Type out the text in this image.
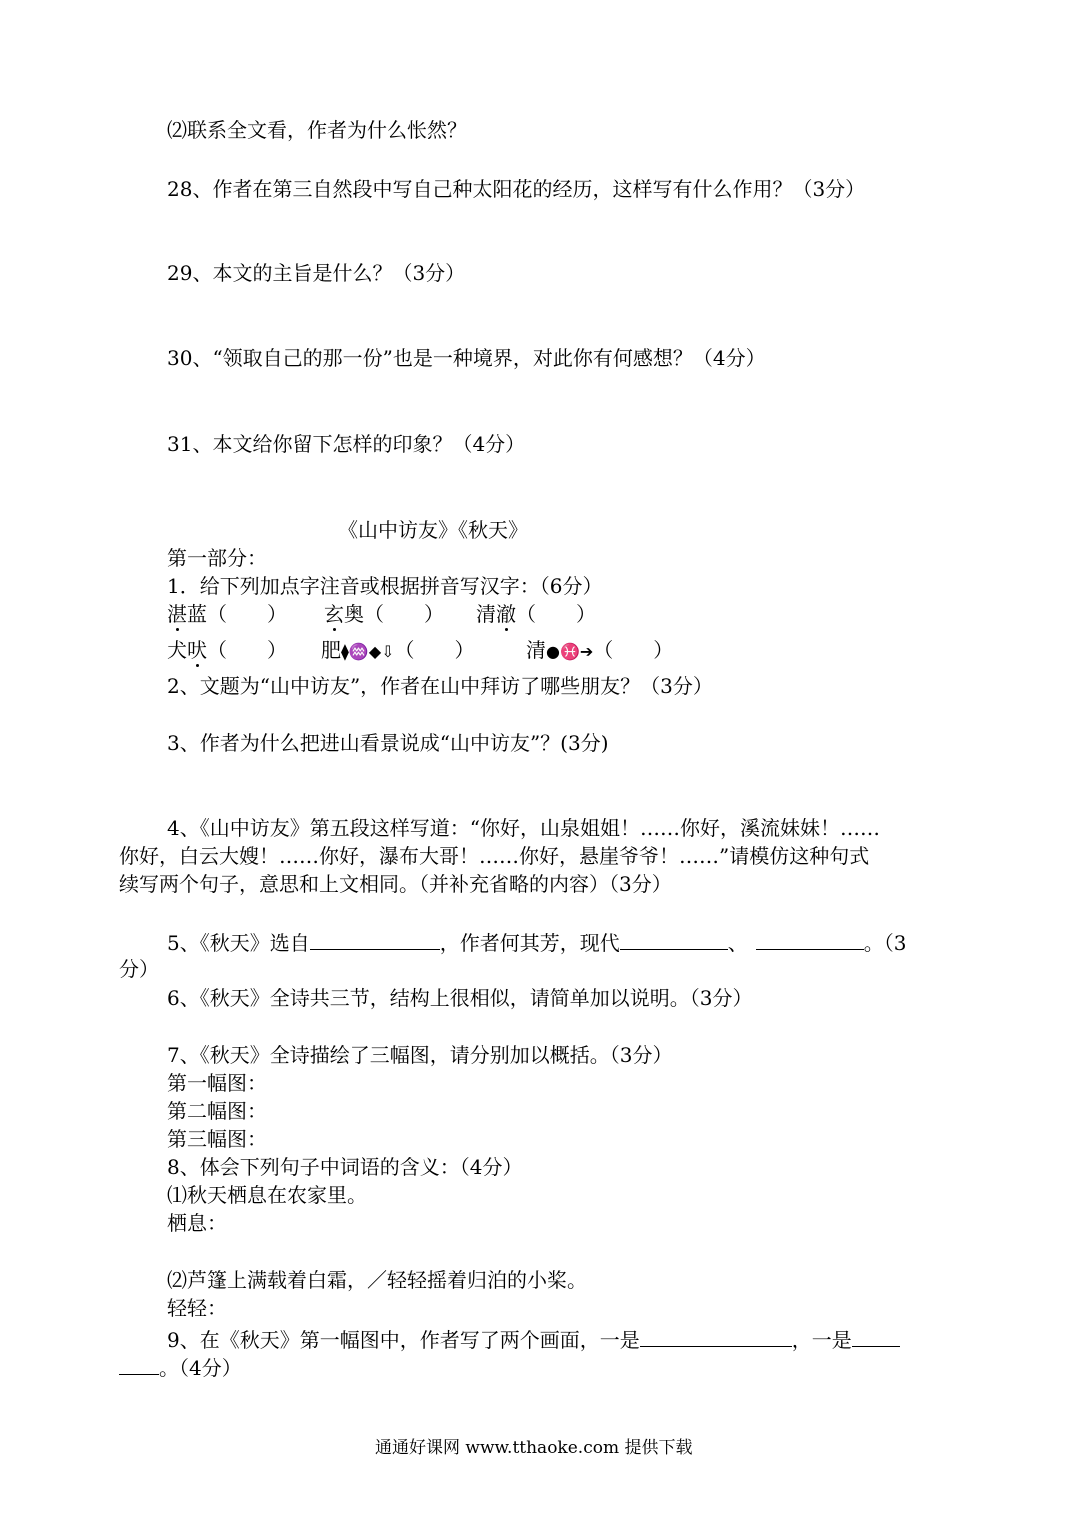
⑵联系全文看，作者为什么怅然？
28、作者在第三自然段中写自己种太阳花的经历，这样写有什么作用？（3分）
29、本文的主旨是什么？（3分）
30、“领取自己的那一份”也是一种境界，对此你有何感想？（4分）
31、本文给你留下怎样的印象？（4分）
《山中访友》《秋天》
第一部分：
1．给下列加点字注音或根据拼音写汉字：（6分）
湛蓝（　　） 玄奥（　　） 清澈（　　）
犬吠（　　） 肥⧫♒◆⇩（　　）	清●♓➔（　　）
2、文题为“山中访友”，作者在山中拜访了哪些朋友？（3分）
3、作者为什么把进山看景说成“山中访友”？(3分)
4、《山中访友》第五段这样写道：“你好，山泉姐姐！……你好，溪流妹妹！……
你好，白云大嫂！……你好，瀑布大哥！……你好，悬崖爷爷！……”请模仿这种句式
续写两个句子，意思和上文相同。（并补充省略的内容）（3分）
5、《秋天》选自	，作者何其芳，现代	、	。（3
分）
6、《秋天》全诗共三节，结构上很相似，请简单加以说明。（3分）
7、《秋天》全诗描绘了三幅图，请分别加以概括。（3分）
第一幅图：
第二幅图：
第三幅图：
8、体会下列句子中词语的含义：（4分）
⑴秋天栖息在农家里。
栖息：
⑵芦篷上满载着白霜，／轻轻摇着归泊的小桨。
轻轻：
9、在《秋天》第一幅图中，作者写了两个画面，一是	，一是
。（4分）
通通好课网 www.tthaoke.com 提供下载
